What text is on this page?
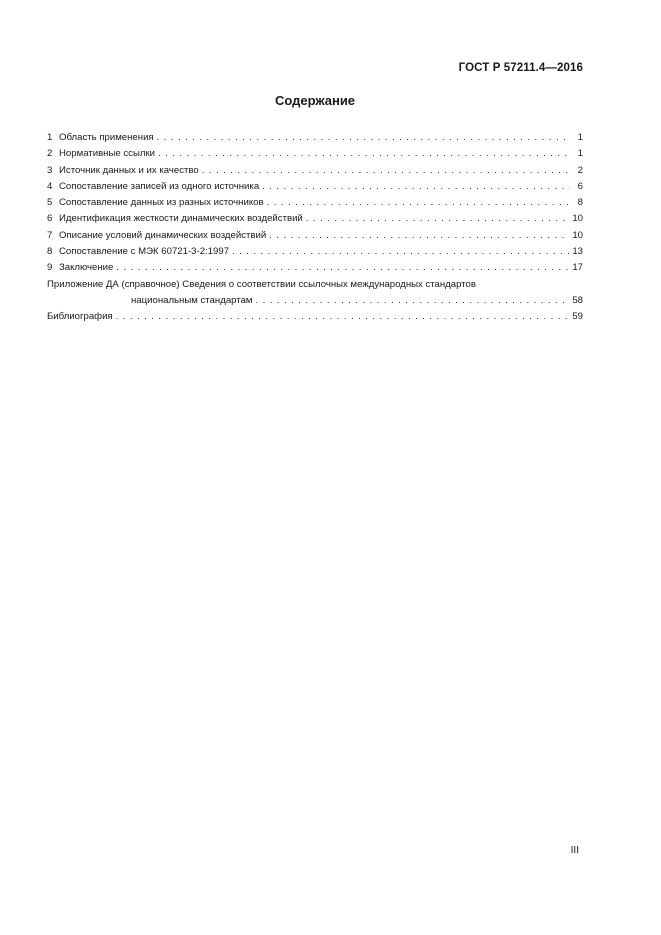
ГОСТ Р 57211.4—2016
Содержание
1 Область применения . . .	1
2 Нормативные ссылки . . .	1
3 Источник данных и их качество . . .	2
4 Сопоставление записей из одного источника . . .	6
5 Сопоставление данных из разных источников . . .	8
6 Идентификация жесткости динамических воздействий . . .	10
7 Описание условий динамических воздействий . . .	10
8 Сопоставление с МЭК 60721-3-2:1997 . . .	13
9 Заключение . . .	17
Приложение ДА (справочное) Сведения о соответствии ссылочных международных стандартов
национальным стандартам . . .	58
Библиография . . .	59
III
